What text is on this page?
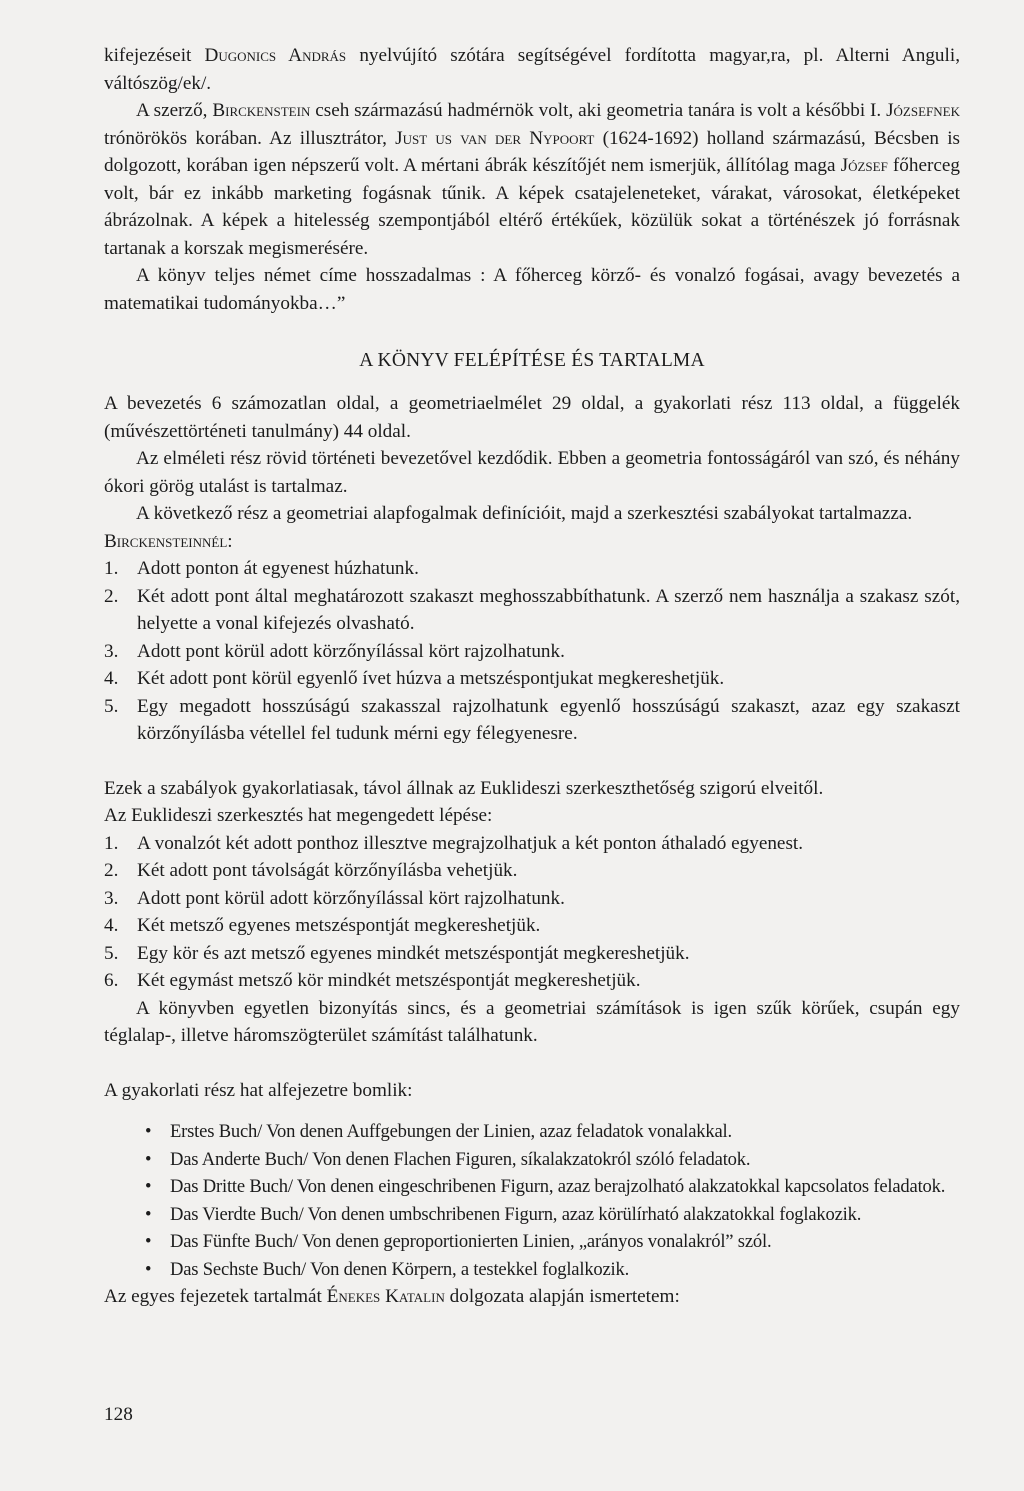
kifejezéseit Dugonics András nyelvújító szótára segítségével fordította magyar,ra, pl. Alterni Anguli, váltószög/ek/.

A szerző, Birckenstein cseh származású hadmérnök volt, aki geometria tanára is volt a későbbi I. Józsefnek trónörökös korában. Az illusztrátor, Just us van der Nypoort (1624-1692) holland származású, Bécsben is dolgozott, korában igen népszerű volt. A mértani ábrák készítőjét nem ismerjük, állítólag maga József főherceg volt, bár ez inkább marketing fogásnak tűnik. A képek csatajeleneteket, várakat, városokat, életképeket ábrázolnak. A képek a hitelesség szempontjából eltérő értékűek, közülük sokat a történészek jó forrásnak tartanak a korszak megismerésére.

A könyv teljes német címe hosszadalmas : A főherceg körző- és vonalzó fogásai, avagy bevezetés a matematikai tudományokba…”

A KÖNYV FELÉPÍTÉSE ÉS TARTALMA

A bevezetés 6 számozatlan oldal, a geometriaelmélet 29 oldal, a gyakorlati rész 113 oldal, a függelék (művészettörténeti tanulmány) 44 oldal.

Az elméleti rész rövid történeti bevezetővel kezdődik. Ebben a geometria fontosságáról van szó, és néhány ókori görög utalást is tartalmaz.

A következő rész a geometriai alapfogalmak definícióit, majd a szerkesztési szabályokat tartalmazza.

Birckensteinnél:

1. Adott ponton át egyenest húzhatunk.
2. Két adott pont által meghatározott szakaszt meghosszabbíthatunk. A szerző nem használja a szakasz szót, helyette a vonal kifejezés olvasható.
3. Adott pont körül adott körzőnyílással kört rajzolhatunk.
4. Két adott pont körül egyenlő ívet húzva a metszéspontjukat megkereshetjük.
5. Egy megadott hosszúságú szakasszal rajzolhatunk egyenlő hosszúságú szakaszt, azaz egy szakaszt körzőnyílásba vétellel fel tudunk mérni egy félegyenesre.

Ezek a szabályok gyakorlatiasak, távol állnak az Euklideszi szerkeszthetőség szigorú elveitől.

Az Euklideszi szerkesztés hat megengedett lépése:

1. A vonalzót két adott ponthoz illesztve megrajzolhatjuk a két ponton áthaladó egyenest.
2. Két adott pont távolságát körzőnyílásba vehetjük.
3. Adott pont körül adott körzőnyílással kört rajzolhatunk.
4. Két metsző egyenes metszéspontját megkereshetjük.
5. Egy kör és azt metsző egyenes mindkét metszéspontját megkereshetjük.
6. Két egymást metsző kör mindkét metszéspontját megkereshetjük.

A könyvben egyetlen bizonyítás sincs, és a geometriai számítások is igen szűk körűek, csupán egy téglalap-, illetve háromszögterület számítást találhatunk.

A gyakorlati rész hat alfejezetre bomlik:

• Erstes Buch/ Von denen Auffgebungen der Linien, azaz feladatok vonalakkal.
• Das Anderte Buch/ Von denen Flachen Figuren, síkalakzatokról szóló feladatok.
• Das Dritte Buch/ Von denen eingeschribenen Figurn, azaz berajzolható alakzatokkal kapcsolatos feladatok.
• Das Vierdte Buch/ Von denen umbschribenen Figurn, azaz körülírható alakzatokkal foglakozik.
• Das Fünfte Buch/ Von denen geproportionierten Linien, „arányos vonalakról” szól.
• Das Sechste Buch/ Von denen Körpern, a testekkel foglalkozik.

Az egyes fejezetek tartalmát Énekes Katalin dolgozata alapján ismertetem:

128
